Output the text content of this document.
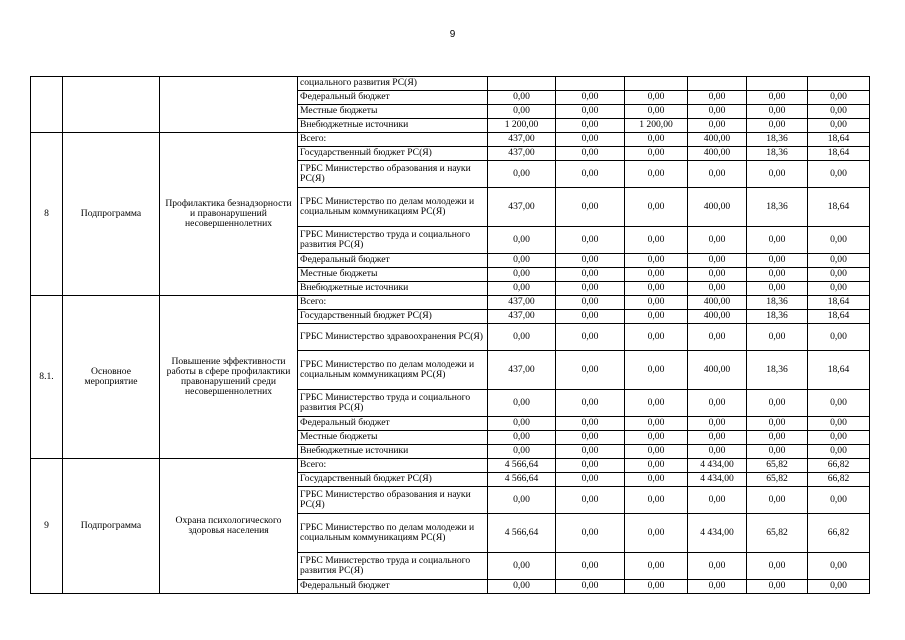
9
			социального развития РС(Я)						
			Федеральный бюджет	0,00	0,00	0,00	0,00	0,00	0,00
			Местные бюджеты	0,00	0,00	0,00	0,00	0,00	0,00
			Внебюджетные источники	1 200,00	0,00	1 200,00	0,00	0,00	0,00
8	Подпрограмма	Профилактика безнадзорности и правонарушений несовершеннолетних	Всего:	437,00	0,00	0,00	400,00	18,36	18,64
			Государственный бюджет РС(Я)	437,00	0,00	0,00	400,00	18,36	18,64
			ГРБС Министерство образования и науки РС(Я)	0,00	0,00	0,00	0,00	0,00	0,00
			ГРБС Министерство по делам молодежи и социальным коммуникациям РС(Я)	437,00	0,00	0,00	400,00	18,36	18,64
			ГРБС Министерство труда и социального развития РС(Я)	0,00	0,00	0,00	0,00	0,00	0,00
			Федеральный бюджет	0,00	0,00	0,00	0,00	0,00	0,00
			Местные бюджеты	0,00	0,00	0,00	0,00	0,00	0,00
			Внебюджетные источники	0,00	0,00	0,00	0,00	0,00	0,00
8.1.	Основное мероприятие	Повышение эффективности работы в сфере профилактики правонарушений среди несовершеннолетних	Всего:	437,00	0,00	0,00	400,00	18,36	18,64
			Государственный бюджет РС(Я)	437,00	0,00	0,00	400,00	18,36	18,64
			ГРБС Министерство здравоохранения РС(Я)	0,00	0,00	0,00	0,00	0,00	0,00
			ГРБС Министерство по делам молодежи и социальным коммуникациям РС(Я)	437,00	0,00	0,00	400,00	18,36	18,64
			ГРБС Министерство труда и социального развития РС(Я)	0,00	0,00	0,00	0,00	0,00	0,00
			Федеральный бюджет	0,00	0,00	0,00	0,00	0,00	0,00
			Местные бюджеты	0,00	0,00	0,00	0,00	0,00	0,00
			Внебюджетные источники	0,00	0,00	0,00	0,00	0,00	0,00
9	Подпрограмма	Охрана психологического здоровья населения	Всего:	4 566,64	0,00	0,00	4 434,00	65,82	66,82
			Государственный бюджет РС(Я)	4 566,64	0,00	0,00	4 434,00	65,82	66,82
			ГРБС Министерство образования и науки РС(Я)	0,00	0,00	0,00	0,00	0,00	0,00
			ГРБС Министерство по делам молодежи и социальным коммуникациям РС(Я)	4 566,64	0,00	0,00	4 434,00	65,82	66,82
			ГРБС Министерство труда и социального развития РС(Я)	0,00	0,00	0,00	0,00	0,00	0,00
			Федеральный бюджет	0,00	0,00	0,00	0,00	0,00	0,00
